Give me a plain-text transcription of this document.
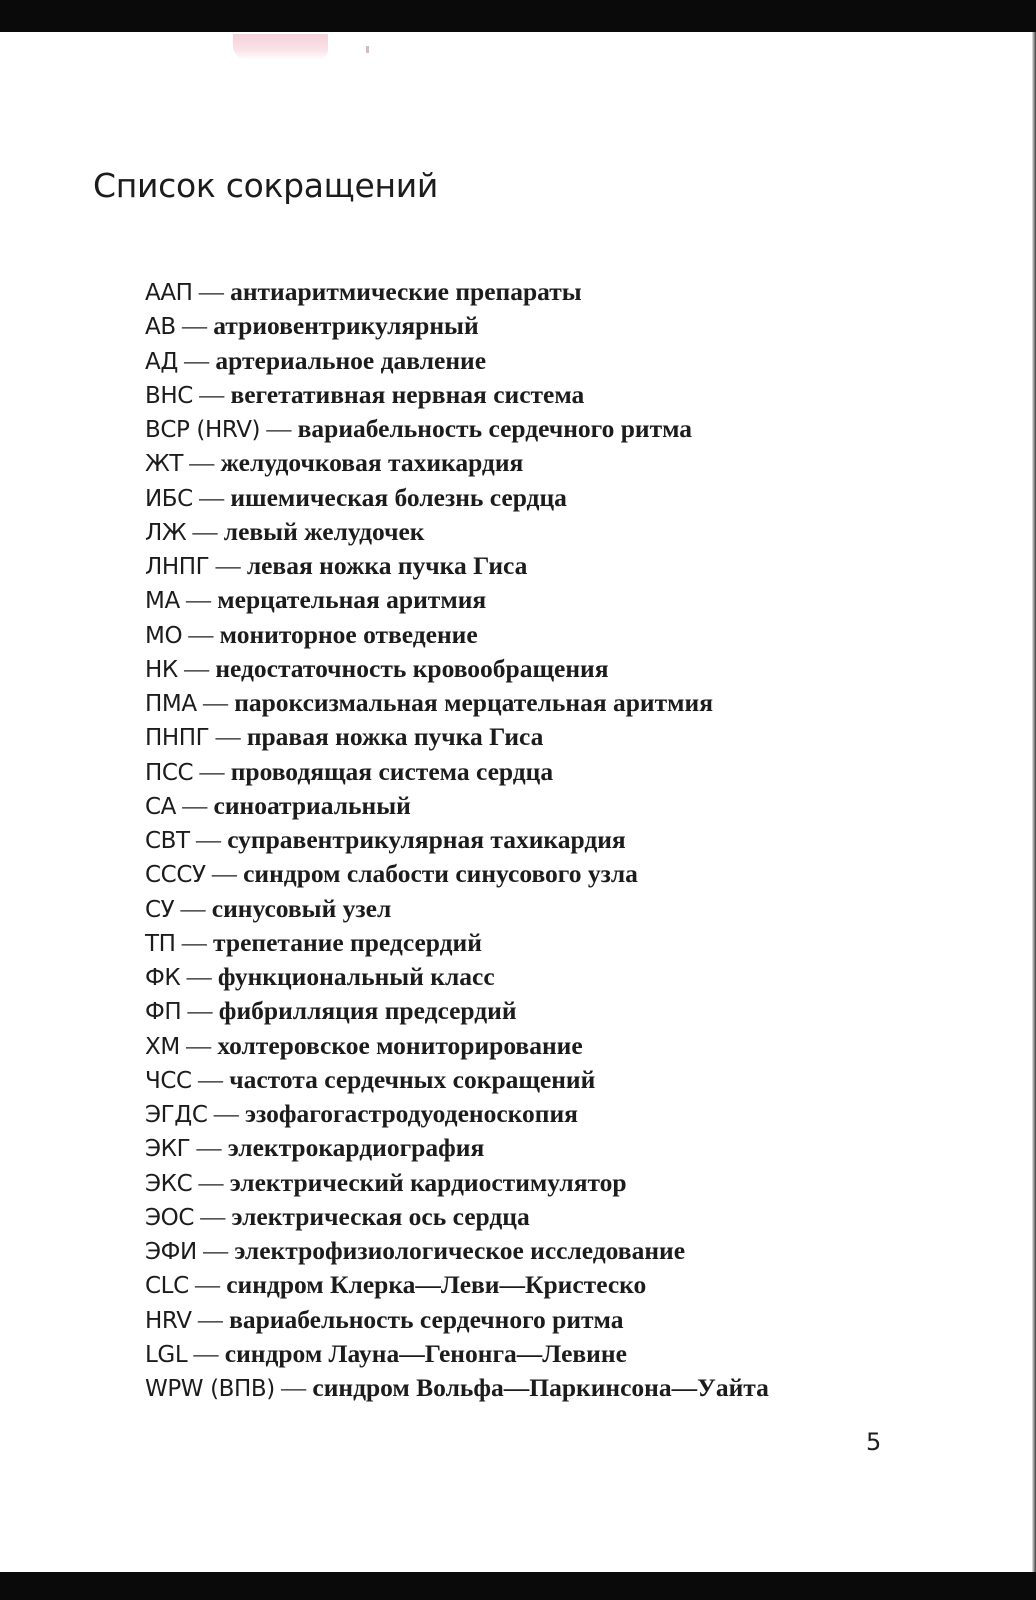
Список сокращений
ААП — антиаритмические препараты
АВ — атриовентрикулярный
АД — артериальное давление
ВНС — вегетативная нервная система
ВСР (HRV) — вариабельность сердечного ритма
ЖТ — желудочковая тахикардия
ИБС — ишемическая болезнь сердца
ЛЖ — левый желудочек
ЛНПГ — левая ножка пучка Гиса
МА — мерцательная аритмия
МО — мониторное отведение
НК — недостаточность кровообращения
ПМА — пароксизмальная мерцательная аритмия
ПНПГ — правая ножка пучка Гиса
ПСС — проводящая система сердца
СА — синоатриальный
СВТ — суправентрикулярная тахикардия
СССУ — синдром слабости синусового узла
СУ — синусовый узел
ТП — трепетание предсердий
ФК — функциональный класс
ФП — фибрилляция предсердий
ХМ — холтеровское мониторирование
ЧСС — частота сердечных сокращений
ЭГДС — эзофагогастродуоденоскопия
ЭКГ — электрокардиография
ЭКС — электрический кардиостимулятор
ЭОС — электрическая ось сердца
ЭФИ — электрофизиологическое исследование
CLC — синдром Клерка—Леви—Кристеско
HRV — вариабельность сердечного ритма
LGL — синдром Лауна—Генонга—Левине
WPW (ВПВ) — синдром Вольфа—Паркинсона—Уайта
5
